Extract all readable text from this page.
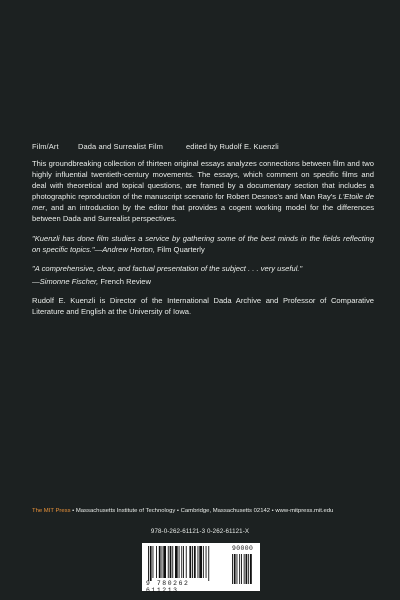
Film/Art	Dada and Surrealist Film	edited by Rudolf E. Kuenzli

This groundbreaking collection of thirteen original essays analyzes connections between film and two highly influential twentieth-century movements. The essays, which comment on specific films and deal with theoretical and topical questions, are framed by a documentary section that includes a photographic reproduction of the manuscript scenario for Robert Desnos's and Man Ray's L'Etoile de mer, and an introduction by the editor that provides a cogent working model for the differences between Dada and Surrealist perspectives.

"Kuenzli has done film studies a service by gathering some of the best minds in the fields reflecting on specific topics."—Andrew Horton, Film Quarterly

"A comprehensive, clear, and factual presentation of the subject . . . very useful."

—Simonne Fischer, French Review

Rudolf E. Kuenzli is Director of the International Dada Archive and Professor of Comparative Literature and English at the University of Iowa.

The MIT Press • Massachusetts Institute of Technology • Cambridge, Massachusetts 02142 • www-mitpress.mit.edu
978-0-262-61121-3 0-262-61121-X
9 780262 611213
90000
